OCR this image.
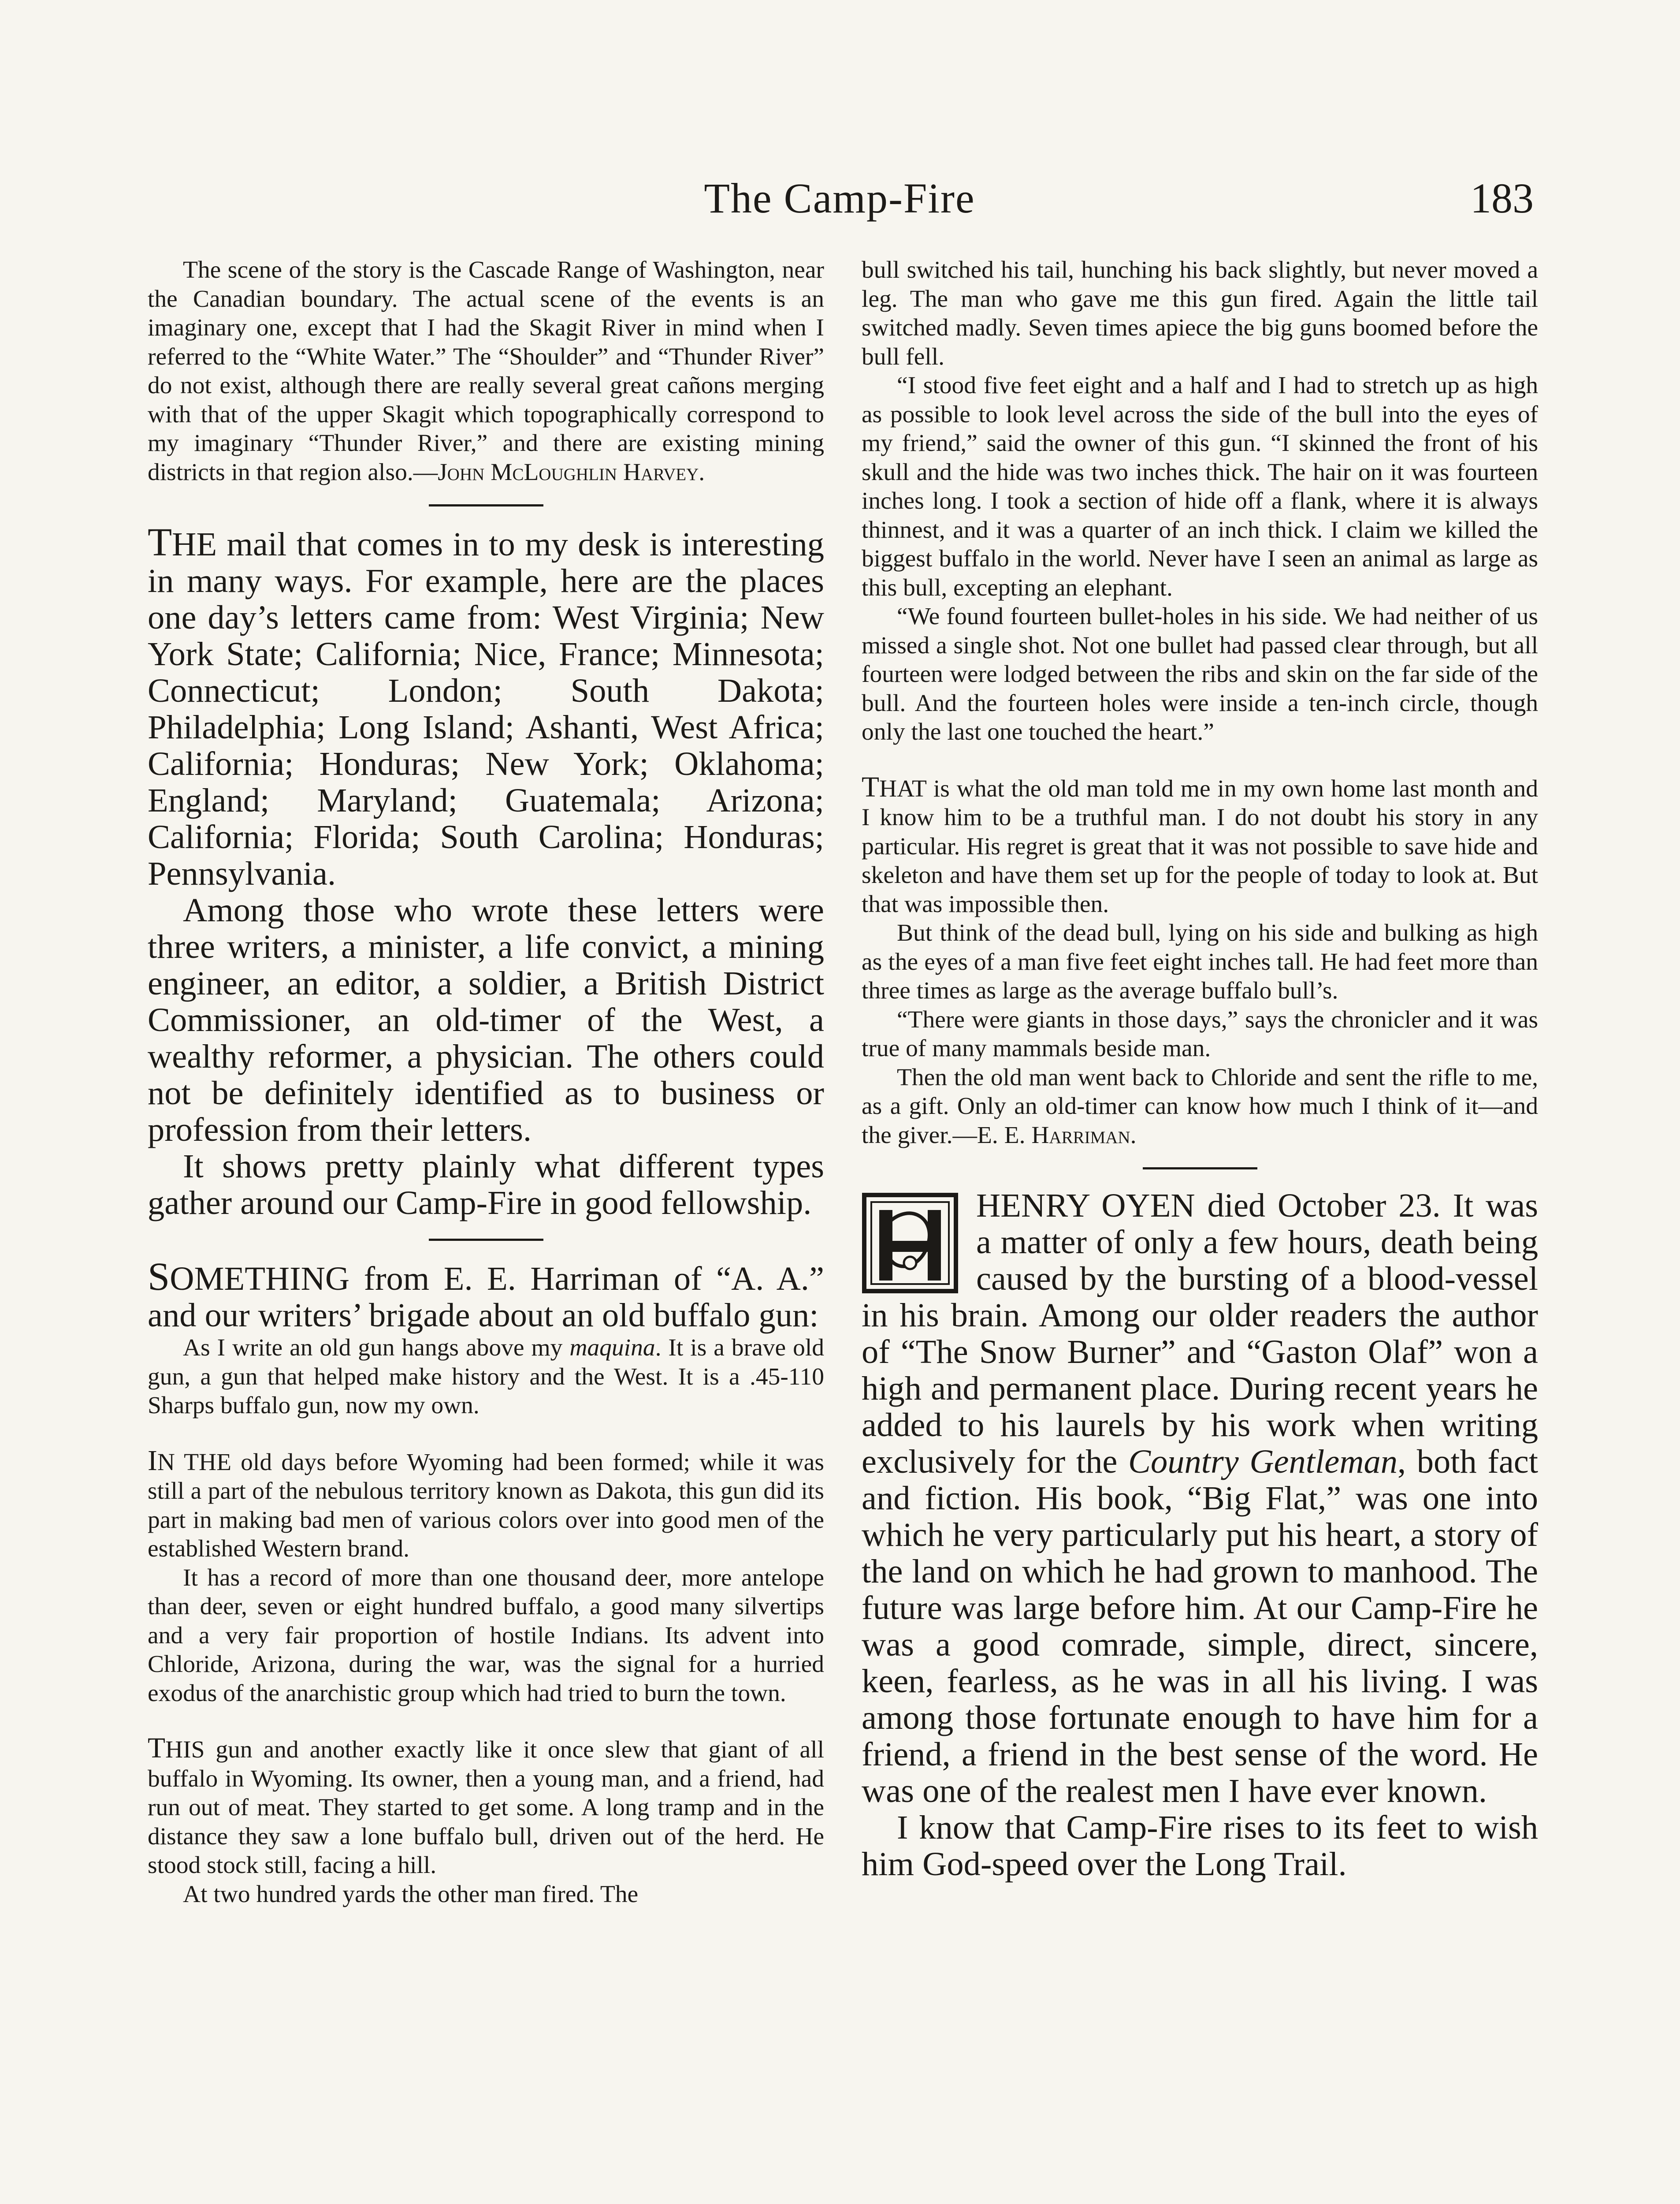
The Camp-Fire	183

The scene of the story is the Cascade Range of Washington, near the Canadian boundary. The actual scene of the events is an imaginary one, except that I had the Skagit River in mind when I referred to the “White Water.” The “Shoulder” and “Thunder River” do not exist, although there are really several great cañons merging with that of the upper Skagit which topographically correspond to my imaginary “Thunder River,” and there are existing mining districts in that region also.—John McLoughlin Harvey.

THE mail that comes in to my desk is interesting in many ways. For example, here are the places one day’s letters came from: West Virginia; New York State; California; Nice, France; Minnesota; Connecticut; London; South Dakota; Philadelphia; Long Island; Ashanti, West Africa; California; Honduras; New York; Oklahoma; England; Maryland; Guatemala; Arizona; California; Florida; South Carolina; Honduras; Pennsylvania.

Among those who wrote these letters were three writers, a minister, a life convict, a mining engineer, an editor, a soldier, a British District Commissioner, an old-timer of the West, a wealthy reformer, a physician. The others could not be definitely identified as to business or profession from their letters.

It shows pretty plainly what different types gather around our Camp-Fire in good fellowship.

SOMETHING from E. E. Harriman of “A. A.” and our writers’ brigade about an old buffalo gun:

As I write an old gun hangs above my maquina. It is a brave old gun, a gun that helped make history and the West. It is a .45-110 Sharps buffalo gun, now my own.

IN THE old days before Wyoming had been formed; while it was still a part of the nebulous territory known as Dakota, this gun did its part in making bad men of various colors over into good men of the established Western brand.

It has a record of more than one thousand deer, more antelope than deer, seven or eight hundred buffalo, a good many silvertips and a very fair proportion of hostile Indians. Its advent into Chloride, Arizona, during the war, was the signal for a hurried exodus of the anarchistic group which had tried to burn the town.

THIS gun and another exactly like it once slew that giant of all buffalo in Wyoming. Its owner, then a young man, and a friend, had run out of meat. They started to get some. A long tramp and in the distance they saw a lone buffalo bull, driven out of the herd. He stood stock still, facing a hill.

At two hundred yards the other man fired. The

bull switched his tail, hunching his back slightly, but never moved a leg. The man who gave me this gun fired. Again the little tail switched madly. Seven times apiece the big guns boomed before the bull fell.

“I stood five feet eight and a half and I had to stretch up as high as possible to look level across the side of the bull into the eyes of my friend,” said the owner of this gun. “I skinned the front of his skull and the hide was two inches thick. The hair on it was fourteen inches long. I took a section of hide off a flank, where it is always thinnest, and it was a quarter of an inch thick. I claim we killed the biggest buffalo in the world. Never have I seen an animal as large as this bull, excepting an elephant.

“We found fourteen bullet-holes in his side. We had neither of us missed a single shot. Not one bullet had passed clear through, but all fourteen were lodged between the ribs and skin on the far side of the bull. And the fourteen holes were inside a ten-inch circle, though only the last one touched the heart.”

THAT is what the old man told me in my own home last month and I know him to be a truthful man. I do not doubt his story in any particular. His regret is great that it was not possible to save hide and skeleton and have them set up for the people of today to look at. But that was impossible then.

But think of the dead bull, lying on his side and bulking as high as the eyes of a man five feet eight inches tall. He had feet more than three times as large as the average buffalo bull’s.

“There were giants in those days,” says the chronicler and it was true of many mammals beside man.

Then the old man went back to Chloride and sent the rifle to me, as a gift. Only an old-timer can know how much I think of it—and the giver.—E. E. Harriman.

HENRY OYEN died October 23. It was a matter of only a few hours, death being caused by the bursting of a blood-vessel in his brain. Among our older readers the author of “The Snow Burner” and “Gaston Olaf” won a high and permanent place. During recent years he added to his laurels by his work when writing exclusively for the Country Gentleman, both fact and fiction. His book, “Big Flat,” was one into which he very particularly put his heart, a story of the land on which he had grown to manhood. The future was large before him. At our Camp-Fire he was a good comrade, simple, direct, sincere, keen, fearless, as he was in all his living. I was among those fortunate enough to have him for a friend, a friend in the best sense of the word. He was one of the realest men I have ever known.

I know that Camp-Fire rises to its feet to wish him God-speed over the Long Trail.
